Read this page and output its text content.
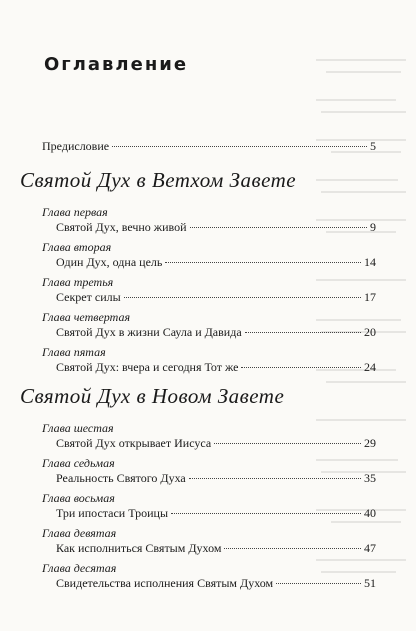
Оглавление
Предисловие	5
Святой Дух в Ветхом Завете
Глава первая
Святой Дух, вечно живой	9
Глава вторая
Один Дух, одна цель	14
Глава третья
Секрет силы	17
Глава четвертая
Святой Дух в жизни Саула и Давида	20
Глава пятая
Святой Дух: вчера и сегодня Тот же	24
Святой Дух в Новом Завете
Глава шестая
Святой Дух открывает Иисуса	29
Глава седьмая
Реальность Святого Духа	35
Глава восьмая
Три ипостаси Троицы	40
Глава девятая
Как исполниться Святым Духом	47
Глава десятая
Свидетельства исполнения Святым Духом	51
